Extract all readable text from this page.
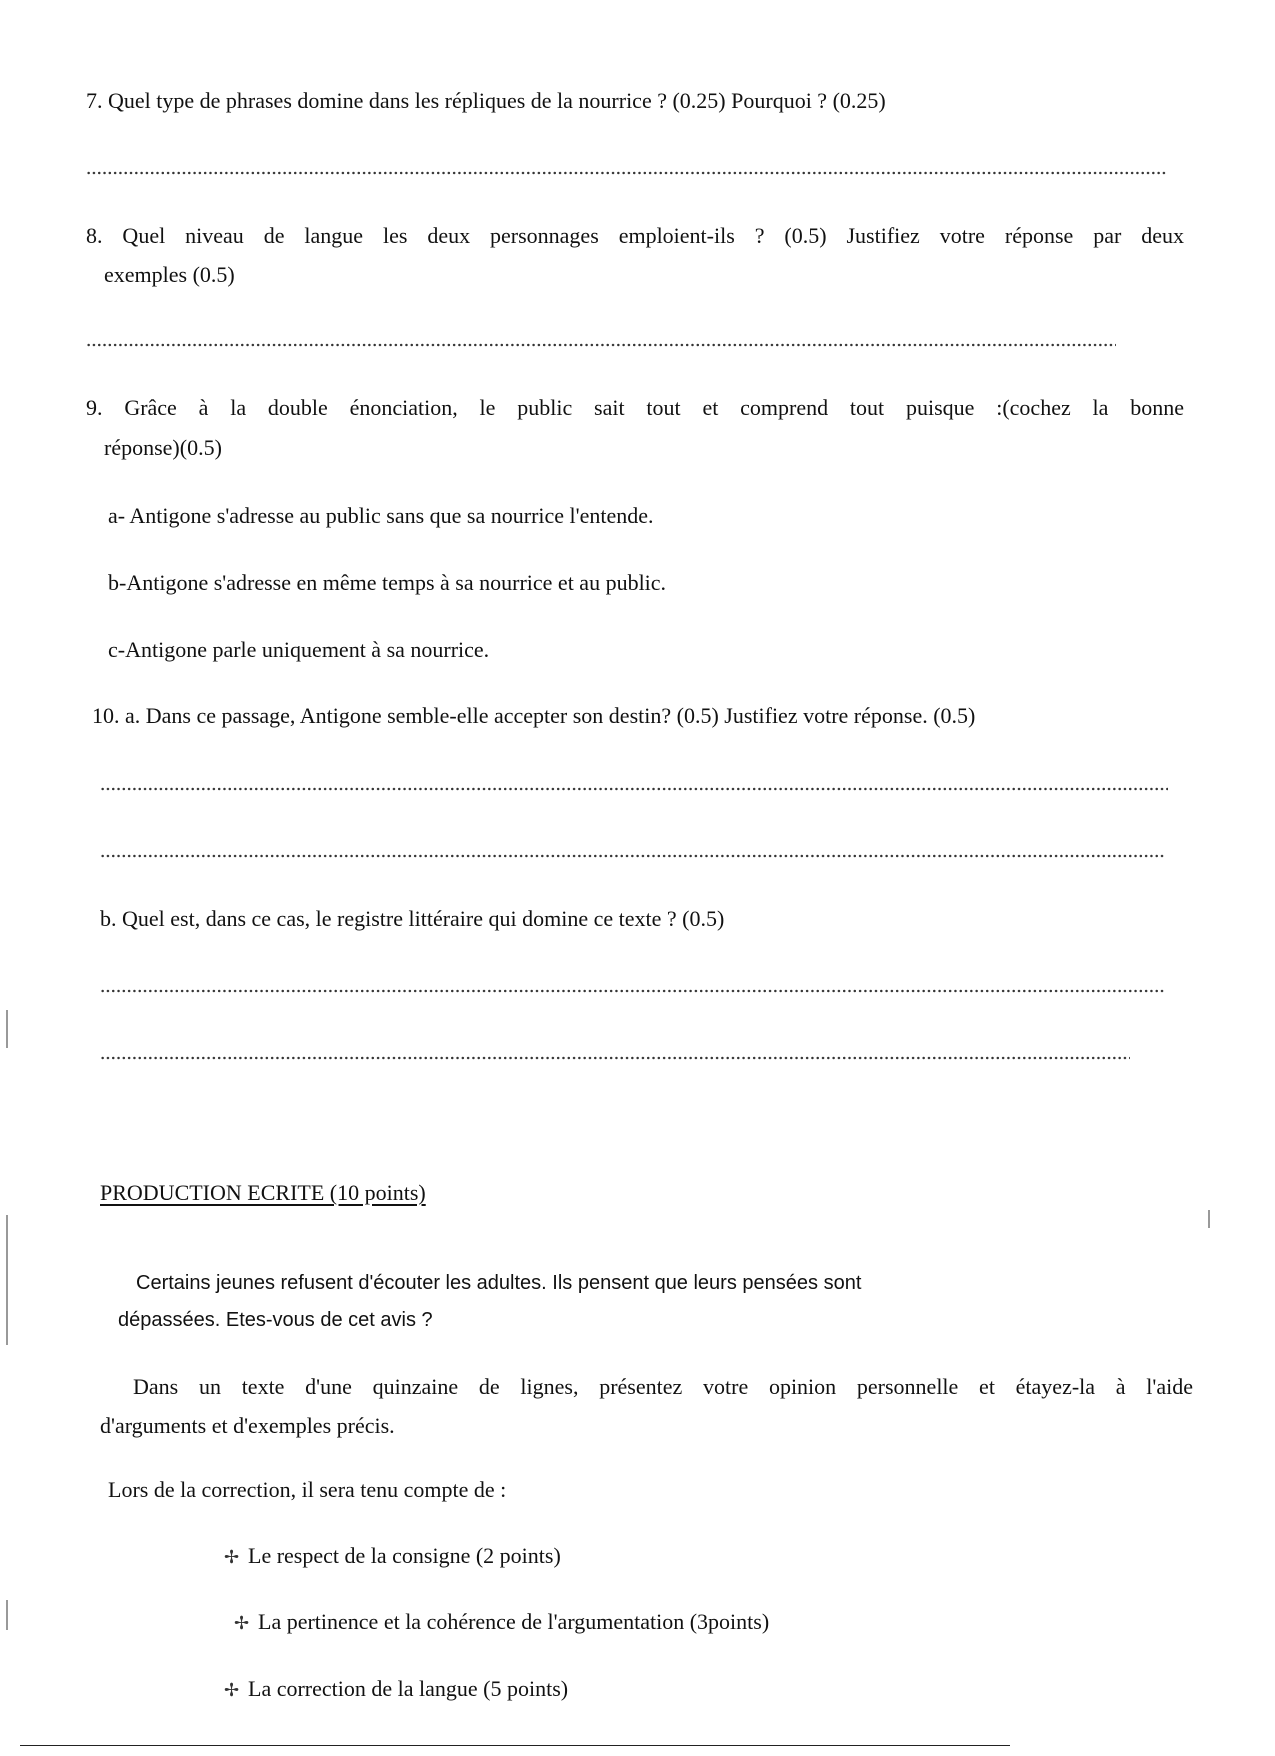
7. Quel type de phrases domine dans les répliques de la nourrice ? (0.25) Pourquoi ? (0.25)
8. Quel niveau de langue les deux personnages emploient-ils ? (0.5) Justifiez votre réponse par deux
exemples (0.5)
9. Grâce à la double énonciation, le public sait tout et comprend tout puisque :(cochez la bonne
réponse)(0.5)
a- Antigone s'adresse au public sans que sa nourrice l'entende.
b-Antigone s'adresse en même temps à sa nourrice et au public.
c-Antigone parle uniquement à sa nourrice.
10. a. Dans ce passage, Antigone semble-elle accepter son destin? (0.5) Justifiez votre réponse. (0.5)
b. Quel est, dans ce cas, le registre littéraire qui domine ce texte ? (0.5)
PRODUCTION ECRITE (10 points)
Certains jeunes refusent d'écouter les adultes. Ils pensent que leurs pensées sont
dépassées. Etes-vous de cet avis ?
Dans un texte d'une quinzaine de lignes, présentez votre opinion personnelle et étayez-la à l'aide
d'arguments et d'exemples précis.
Lors de la correction, il sera tenu compte de :
✢ Le respect de la consigne (2 points)
✢ La pertinence et la cohérence de l'argumentation (3points)
✢ La correction de la langue (5 points)
